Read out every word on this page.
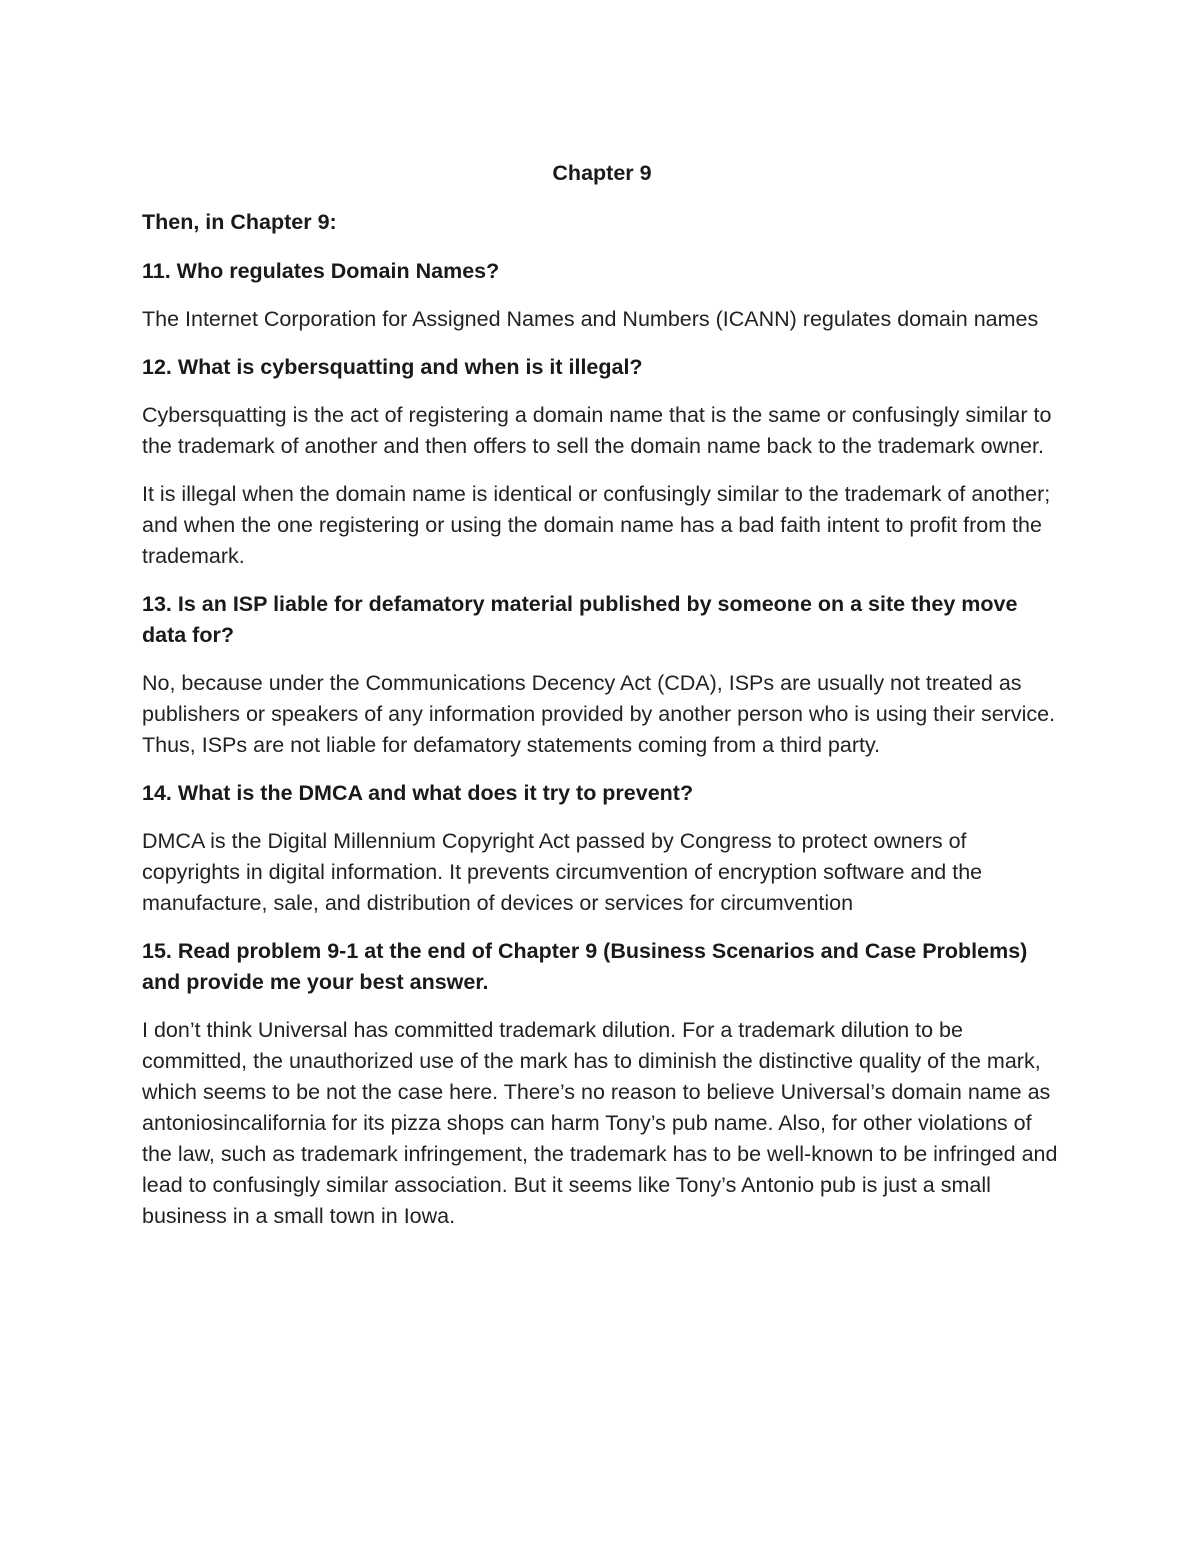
Chapter 9

Then, in Chapter 9:

11. Who regulates Domain Names?

The Internet Corporation for Assigned Names and Numbers (ICANN) regulates domain names

12. What is cybersquatting and when is it illegal?

Cybersquatting is the act of registering a domain name that is the same or confusingly similar to the trademark of another and then offers to sell the domain name back to the trademark owner.

It is illegal when the domain name is identical or confusingly similar to the trademark of another; and when the one registering or using the domain name has a bad faith intent to profit from the trademark.

13. Is an ISP liable for defamatory material published by someone on a site they move data for?

No, because under the Communications Decency Act (CDA), ISPs are usually not treated as publishers or speakers of any information provided by another person who is using their service. Thus, ISPs are not liable for defamatory statements coming from a third party.

14. What is the DMCA and what does it try to prevent?

DMCA is the Digital Millennium Copyright Act passed by Congress to protect owners of copyrights in digital information. It prevents circumvention of encryption software and the manufacture, sale, and distribution of devices or services for circumvention

15. Read problem 9-1 at the end of Chapter 9 (Business Scenarios and Case Problems) and provide me your best answer.

I don’t think Universal has committed trademark dilution. For a trademark dilution to be committed, the unauthorized use of the mark has to diminish the distinctive quality of the mark, which seems to be not the case here. There’s no reason to believe Universal’s domain name as antoniosincalifornia for its pizza shops can harm Tony’s pub name. Also, for other violations of the law, such as trademark infringement, the trademark has to be well-known to be infringed and lead to confusingly similar association. But it seems like Tony’s Antonio pub is just a small business in a small town in Iowa.
